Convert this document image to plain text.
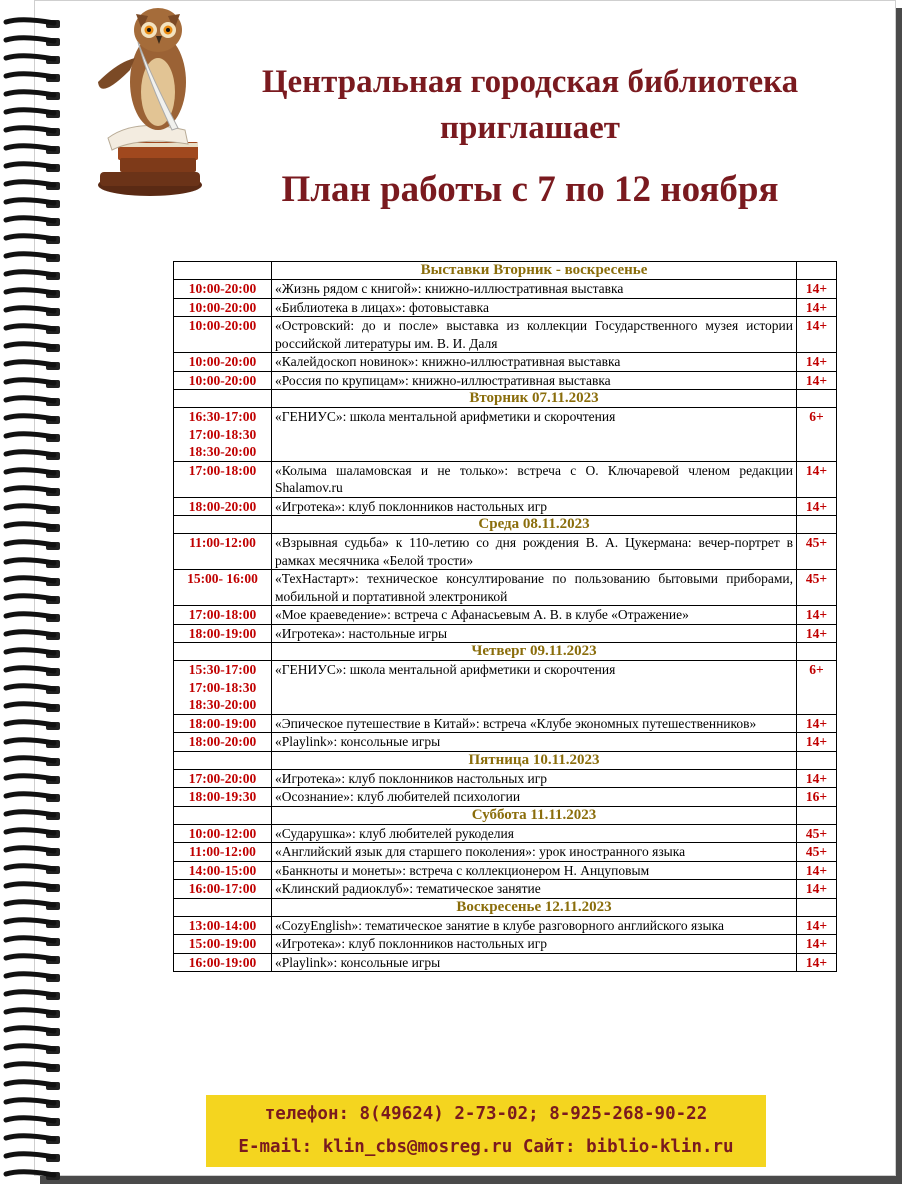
Центральная городская библиотека
приглашает
План работы с 7 по 12 ноября
	Выставки Вторник - воскресенье	
10:00-20:00	«Жизнь рядом с книгой»: книжно-иллюстративная выставка	14+
10:00-20:00	«Библиотека в лицах»: фотовыставка	14+
10:00-20:00	«Островский: до и после» выставка из коллекции Государственного музея истории российской литературы им. В. И. Даля	14+
10:00-20:00	«Калейдоскоп новинок»: книжно-иллюстративная выставка	14+
10:00-20:00	«Россия по крупицам»: книжно-иллюстративная выставка	14+
	Вторник 07.11.2023	
16:30-17:00
17:00-18:30
18:30-20:00	«ГЕНИУС»: школа ментальной арифметики и скорочтения	6+
17:00-18:00	«Колыма шаламовская и не только»: встреча с О. Ключаревой членом редакции Shalamov.ru	14+
18:00-20:00	«Игротека»: клуб поклонников настольных игр	14+
	Среда 08.11.2023	
11:00-12:00	«Взрывная судьба» к 110-летию со дня рождения В. А. Цукермана: вечер-портрет в рамках месячника «Белой трости»	45+
15:00- 16:00	«ТехНастарт»: техническое консултирование по пользованию бытовыми приборами, мобильной и портативной электроникой	45+
17:00-18:00	«Мое краеведение»: встреча с Афанасьевым А. В. в клубе «Отражение»	14+
18:00-19:00	«Игротека»: настольные игры	14+
	Четверг 09.11.2023	
15:30-17:00
17:00-18:30
18:30-20:00	«ГЕНИУС»: школа ментальной арифметики и скорочтения	6+
18:00-19:00	«Эпическое путешествие в Китай»: встреча «Клубе экономных путешественников»	14+
18:00-20:00	«Playlink»: консольные игры	14+
	Пятница 10.11.2023	
17:00-20:00	«Игротека»: клуб поклонников настольных игр	14+
18:00-19:30	«Осознание»: клуб любителей психологии	16+
	Суббота 11.11.2023	
10:00-12:00	«Сударушка»: клуб любителей рукоделия	45+
11:00-12:00	«Английский язык для старшего поколения»: урок иностранного языка	45+
14:00-15:00	«Банкноты и монеты»: встреча с коллекционером Н. Анцуповым	14+
16:00-17:00	«Клинский радиоклуб»: тематическое занятие	14+
	Воскресенье 12.11.2023	
13:00-14:00	«CozyEnglish»: тематическое занятие в клубе разговорного английского языка	14+
15:00-19:00	«Игротека»: клуб поклонников настольных игр	14+
16:00-19:00	«Playlink»: консольные игры	14+
телефон: 8(49624) 2-73-02; 8-925-268-90-22
E-mail: klin_cbs@mosreg.ru Сайт: biblio-klin.ru
